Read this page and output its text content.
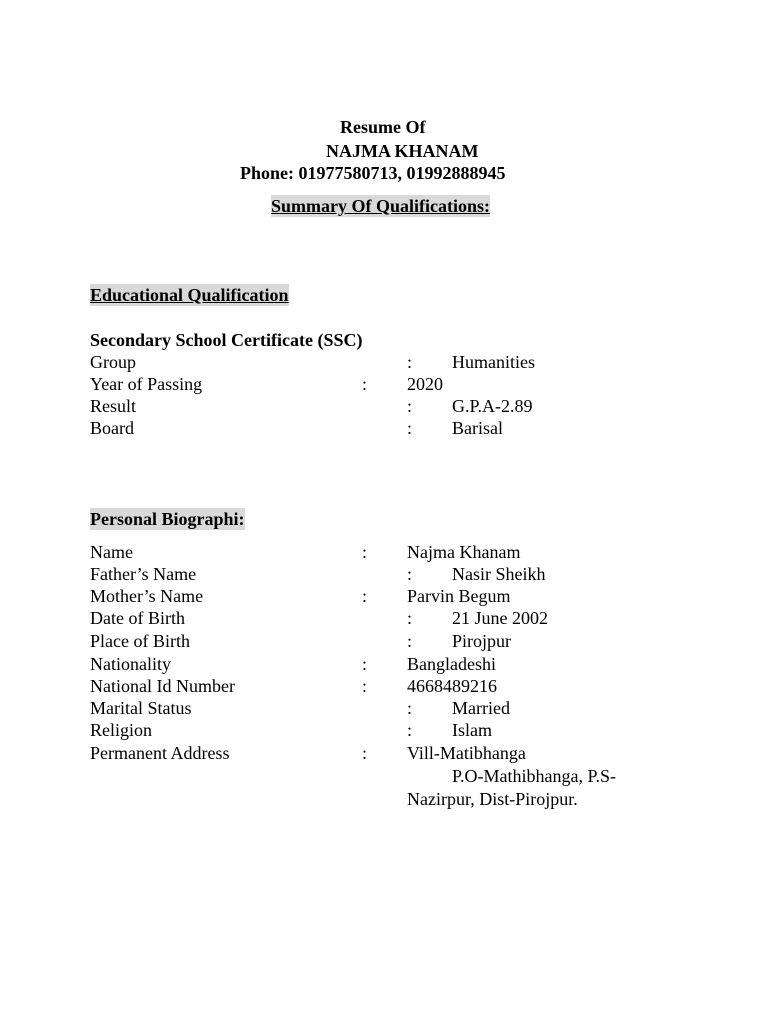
Resume Of
NAJMA KHANAM
Phone: 01977580713, 01992888945
Summary Of Qualifications:
Educational Qualification
Secondary School Certificate (SSC)
Group	: Humanities
Year of Passing	: 2020
Result	: G.P.A-2.89
Board	: Barisal
Personal Biographi:
Name	: Najma Khanam
Father’s Name	: Nasir Sheikh
Mother’s Name	: Parvin Begum
Date of Birth	: 21 June 2002
Place of Birth	: Pirojpur
Nationality	: Bangladeshi
National Id Number	: 4668489216
Marital Status	: Married
Religion	: Islam
Permanent Address	: Vill-Matibhanga
P.O-Mathibhanga, P.S-
Nazirpur, Dist-Pirojpur.
